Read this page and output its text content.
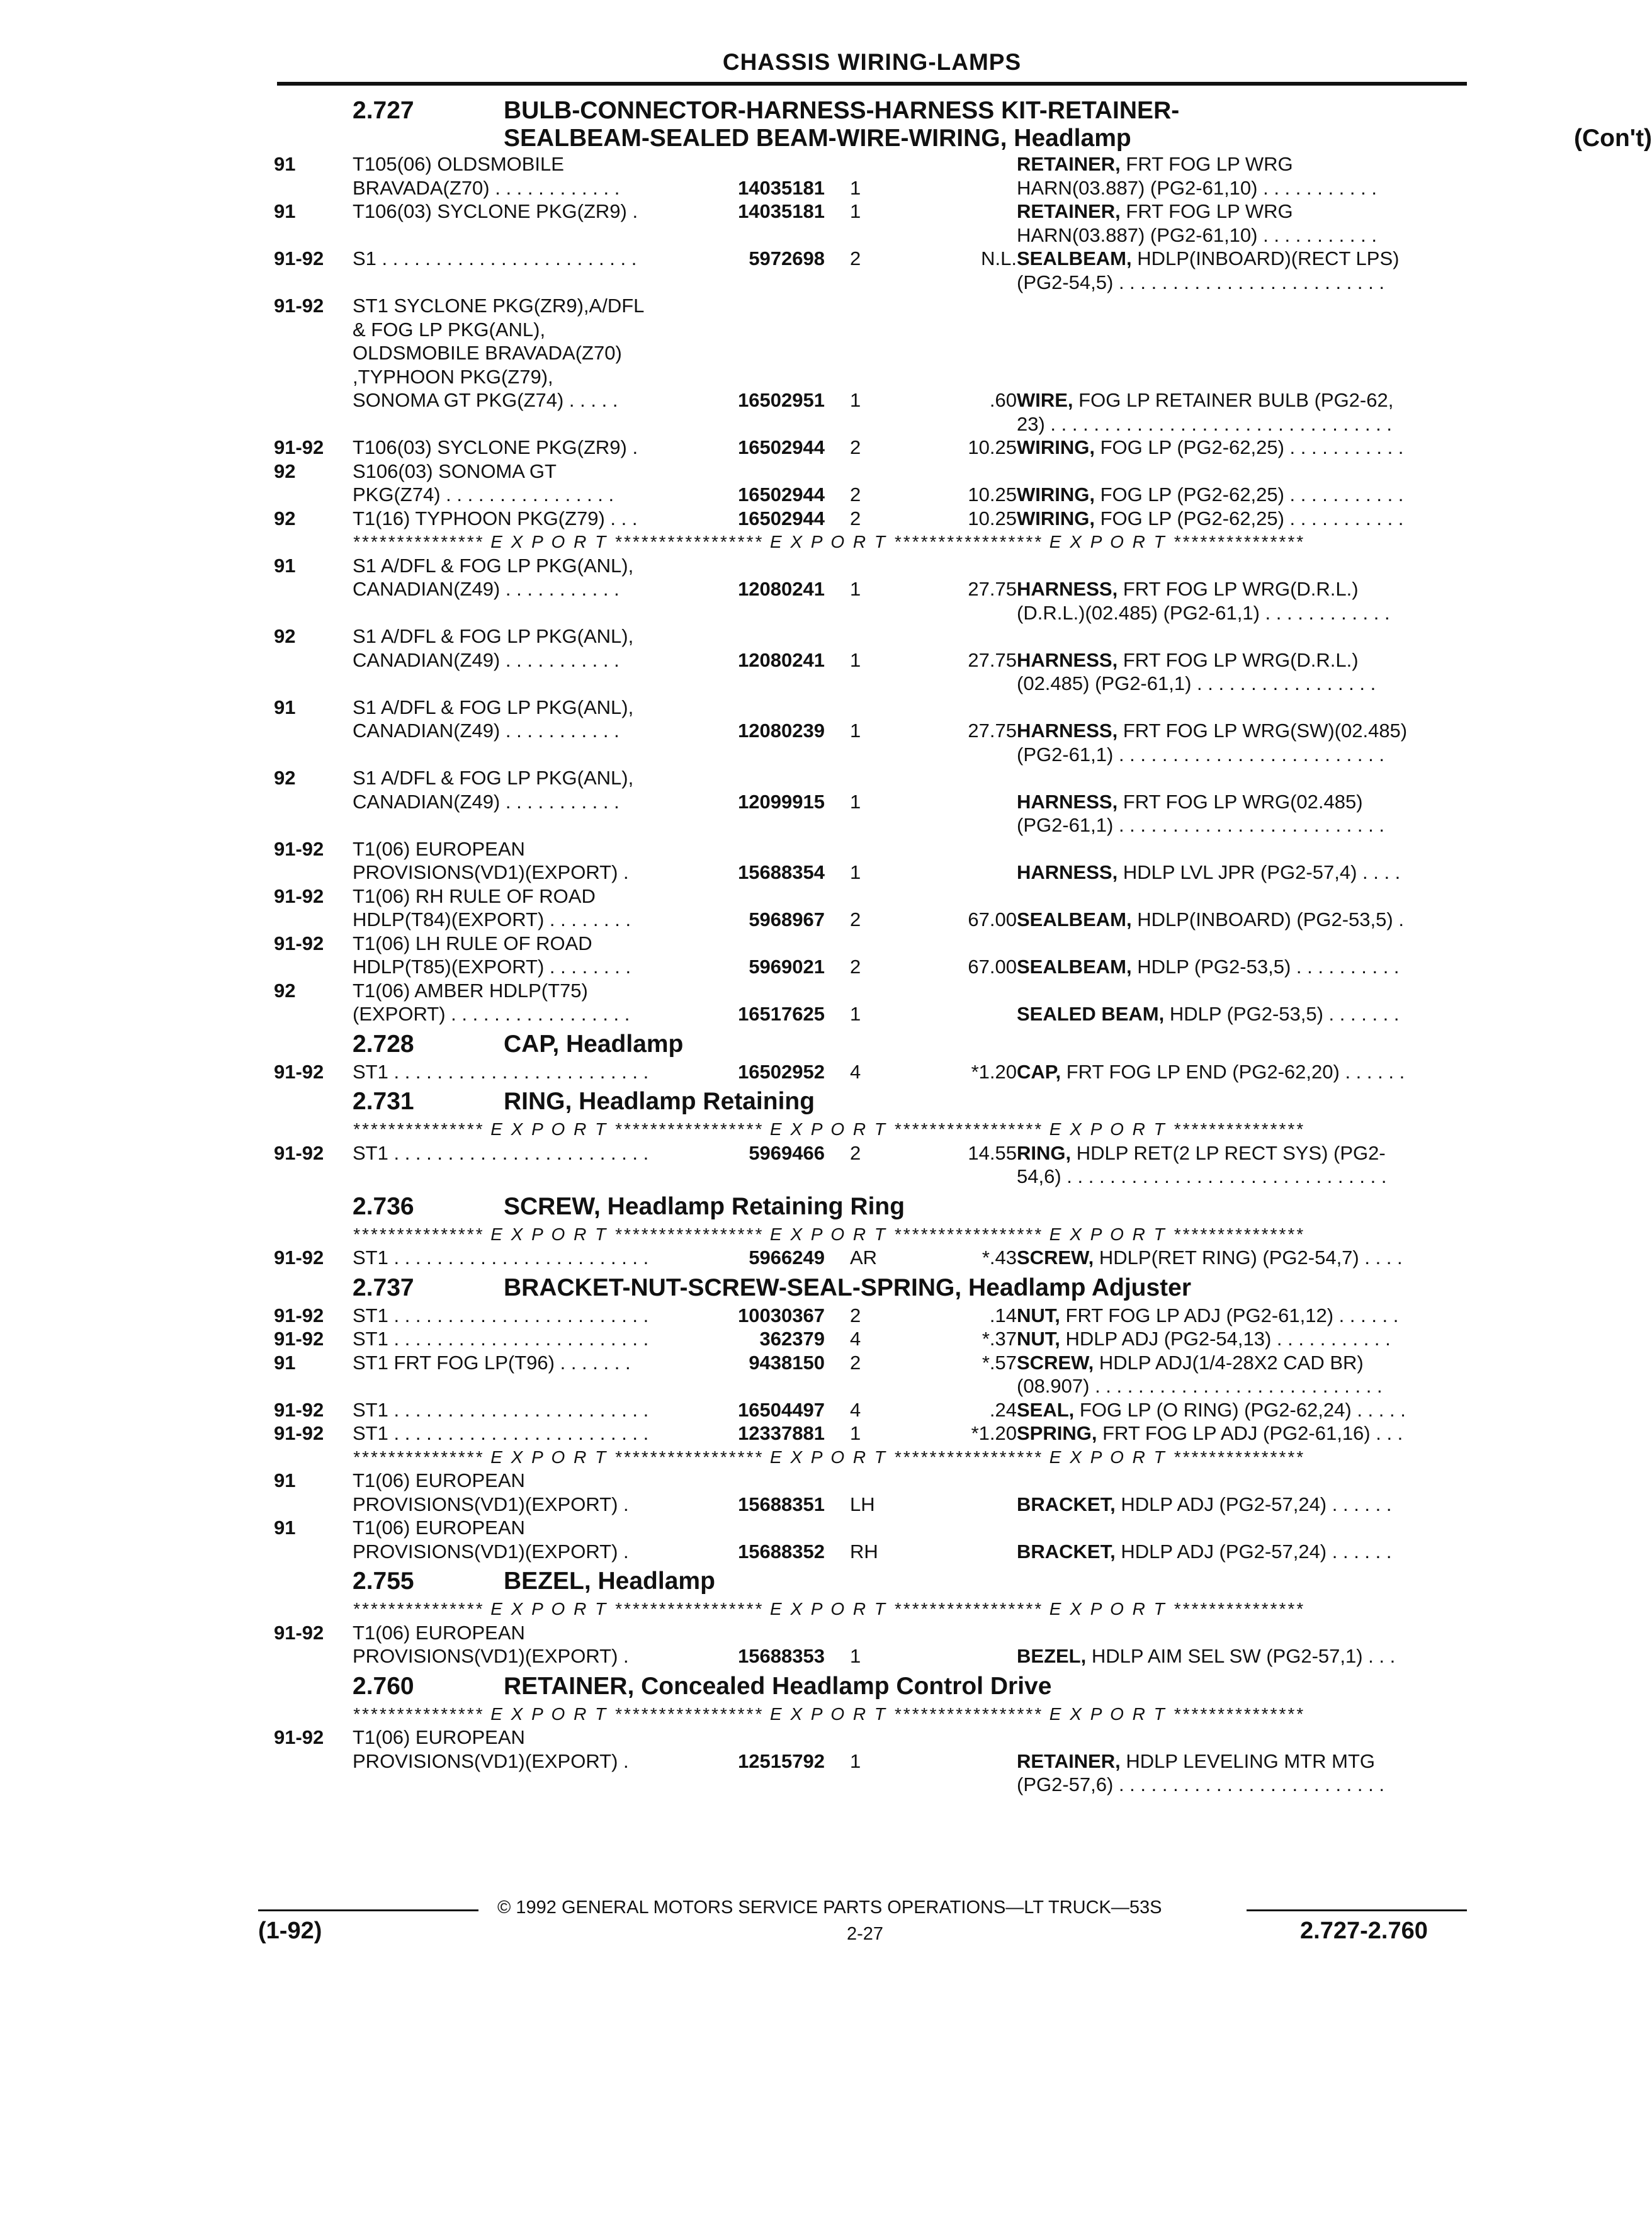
CHASSIS WIRING-LAMPS
2.727	BULB-CONNECTOR-HARNESS-HARNESS KIT-RETAINER-
SEALBEAM-SEALED BEAM-WIRE-WIRING, Headlamp	(Con't)
91	T105(06) OLDSMOBILE	RETAINER, FRT FOG LP WRG
BRAVADA(Z70) . . . . . . . . . . . .	14035181 1	HARN(03.887) (PG2-61,10) . . . . . . . . . . .
91	T106(03) SYCLONE PKG(ZR9) .	14035181 1	RETAINER, FRT FOG LP WRG
HARN(03.887) (PG2-61,10) . . . . . . . . . . .
91-92 S1 . . . . . . . . . . . . . . . . . . . . . . . .	5972698 2	N.L. SEALBEAM, HDLP(INBOARD)(RECT LPS)
(PG2-54,5) . . . . . . . . . . . . . . . . . . . . . . . . .
91-92 ST1 SYCLONE PKG(ZR9),A/DFL
& FOG LP PKG(ANL),
OLDSMOBILE BRAVADA(Z70)
,TYPHOON PKG(Z79),
SONOMA GT PKG(Z74) . . . . .	16502951 1	.60 WIRE, FOG LP RETAINER BULB (PG2-62,
23) . . . . . . . . . . . . . . . . . . . . . . . . . . . . . . . .
91-92 T106(03) SYCLONE PKG(ZR9) .	16502944 2	10.25 WIRING, FOG LP (PG2-62,25) . . . . . . . . . . .
92	S106(03) SONOMA GT
PKG(Z74) . . . . . . . . . . . . . . . .	16502944 2	10.25 WIRING, FOG LP (PG2-62,25) . . . . . . . . . . .
92	T1(16) TYPHOON PKG(Z79) . . .	16502944 2	10.25 WIRING, FOG LP (PG2-62,25) . . . . . . . . . . .
*************** E X P O R T ***************** E X P O R T ***************** E X P O R T ***************
91	S1 A/DFL & FOG LP PKG(ANL),
CANADIAN(Z49) . . . . . . . . . . .	12080241 1	27.75 HARNESS, FRT FOG LP WRG(D.R.L.)
(D.R.L.)(02.485) (PG2-61,1) . . . . . . . . . . . .
92	S1 A/DFL & FOG LP PKG(ANL),
CANADIAN(Z49) . . . . . . . . . . .	12080241 1	27.75 HARNESS, FRT FOG LP WRG(D.R.L.)
(02.485) (PG2-61,1) . . . . . . . . . . . . . . . . .
91	S1 A/DFL & FOG LP PKG(ANL),
CANADIAN(Z49) . . . . . . . . . . .	12080239 1	27.75 HARNESS, FRT FOG LP WRG(SW)(02.485)
(PG2-61,1) . . . . . . . . . . . . . . . . . . . . . . . . .
92	S1 A/DFL & FOG LP PKG(ANL),
CANADIAN(Z49) . . . . . . . . . . .	12099915 1	HARNESS, FRT FOG LP WRG(02.485)
(PG2-61,1) . . . . . . . . . . . . . . . . . . . . . . . . .
91-92 T1(06) EUROPEAN
PROVISIONS(VD1)(EXPORT) .	15688354 1	HARNESS, HDLP LVL JPR (PG2-57,4) . . . .
91-92 T1(06) RH RULE OF ROAD
HDLP(T84)(EXPORT) . . . . . . . .	5968967 2	67.00 SEALBEAM, HDLP(INBOARD) (PG2-53,5) .
91-92 T1(06) LH RULE OF ROAD
HDLP(T85)(EXPORT) . . . . . . . .	5969021 2	67.00 SEALBEAM, HDLP (PG2-53,5) . . . . . . . . . .
92	T1(06) AMBER HDLP(T75)
(EXPORT) . . . . . . . . . . . . . . . . .	16517625 1	SEALED BEAM, HDLP (PG2-53,5) . . . . . . .
2.728	CAP, Headlamp
91-92 ST1 . . . . . . . . . . . . . . . . . . . . . . . .	16502952 4	*1.20 CAP, FRT FOG LP END (PG2-62,20) . . . . . .
2.731	RING, Headlamp Retaining
*************** E X P O R T ***************** E X P O R T ***************** E X P O R T ***************
91-92 ST1 . . . . . . . . . . . . . . . . . . . . . . . .	5969466 2	14.55 RING, HDLP RET(2 LP RECT SYS) (PG2-
54,6) . . . . . . . . . . . . . . . . . . . . . . . . . . . . . .
2.736	SCREW, Headlamp Retaining Ring
*************** E X P O R T ***************** E X P O R T ***************** E X P O R T ***************
91-92 ST1 . . . . . . . . . . . . . . . . . . . . . . . .	5966249 AR	*.43 SCREW, HDLP(RET RING) (PG2-54,7) . . . .
2.737	BRACKET-NUT-SCREW-SEAL-SPRING, Headlamp Adjuster
91-92 ST1 . . . . . . . . . . . . . . . . . . . . . . . .	10030367 2	.14 NUT, FRT FOG LP ADJ (PG2-61,12) . . . . . .
91-92 ST1 . . . . . . . . . . . . . . . . . . . . . . . .	362379 4	*.37 NUT, HDLP ADJ (PG2-54,13) . . . . . . . . . . .
91	ST1 FRT FOG LP(T96) . . . . . . .	9438150 2	*.57 SCREW, HDLP ADJ(1/4-28X2 CAD BR)
(08.907) . . . . . . . . . . . . . . . . . . . . . . . . . . .
91-92 ST1 . . . . . . . . . . . . . . . . . . . . . . . .	16504497 4	.24 SEAL, FOG LP (O RING) (PG2-62,24) . . . . .
91-92 ST1 . . . . . . . . . . . . . . . . . . . . . . . .	12337881 1	*1.20 SPRING, FRT FOG LP ADJ (PG2-61,16) . . .
*************** E X P O R T ***************** E X P O R T ***************** E X P O R T ***************
91	T1(06) EUROPEAN
PROVISIONS(VD1)(EXPORT) .	15688351 LH	BRACKET, HDLP ADJ (PG2-57,24) . . . . . .
91	T1(06) EUROPEAN
PROVISIONS(VD1)(EXPORT) .	15688352 RH	BRACKET, HDLP ADJ (PG2-57,24) . . . . . .
2.755	BEZEL, Headlamp
*************** E X P O R T ***************** E X P O R T ***************** E X P O R T ***************
91-92 T1(06) EUROPEAN
PROVISIONS(VD1)(EXPORT) .	15688353 1	BEZEL, HDLP AIM SEL SW (PG2-57,1) . . .
2.760	RETAINER, Concealed Headlamp Control Drive
*************** E X P O R T ***************** E X P O R T ***************** E X P O R T ***************
91-92 T1(06) EUROPEAN
PROVISIONS(VD1)(EXPORT) .	12515792 1	RETAINER, HDLP LEVELING MTR MTG
(PG2-57,6) . . . . . . . . . . . . . . . . . . . . . . . . .
© 1992 GENERAL MOTORS SERVICE PARTS OPERATIONS—LT TRUCK—53S
(1-92)	2-27	2.727-2.760
